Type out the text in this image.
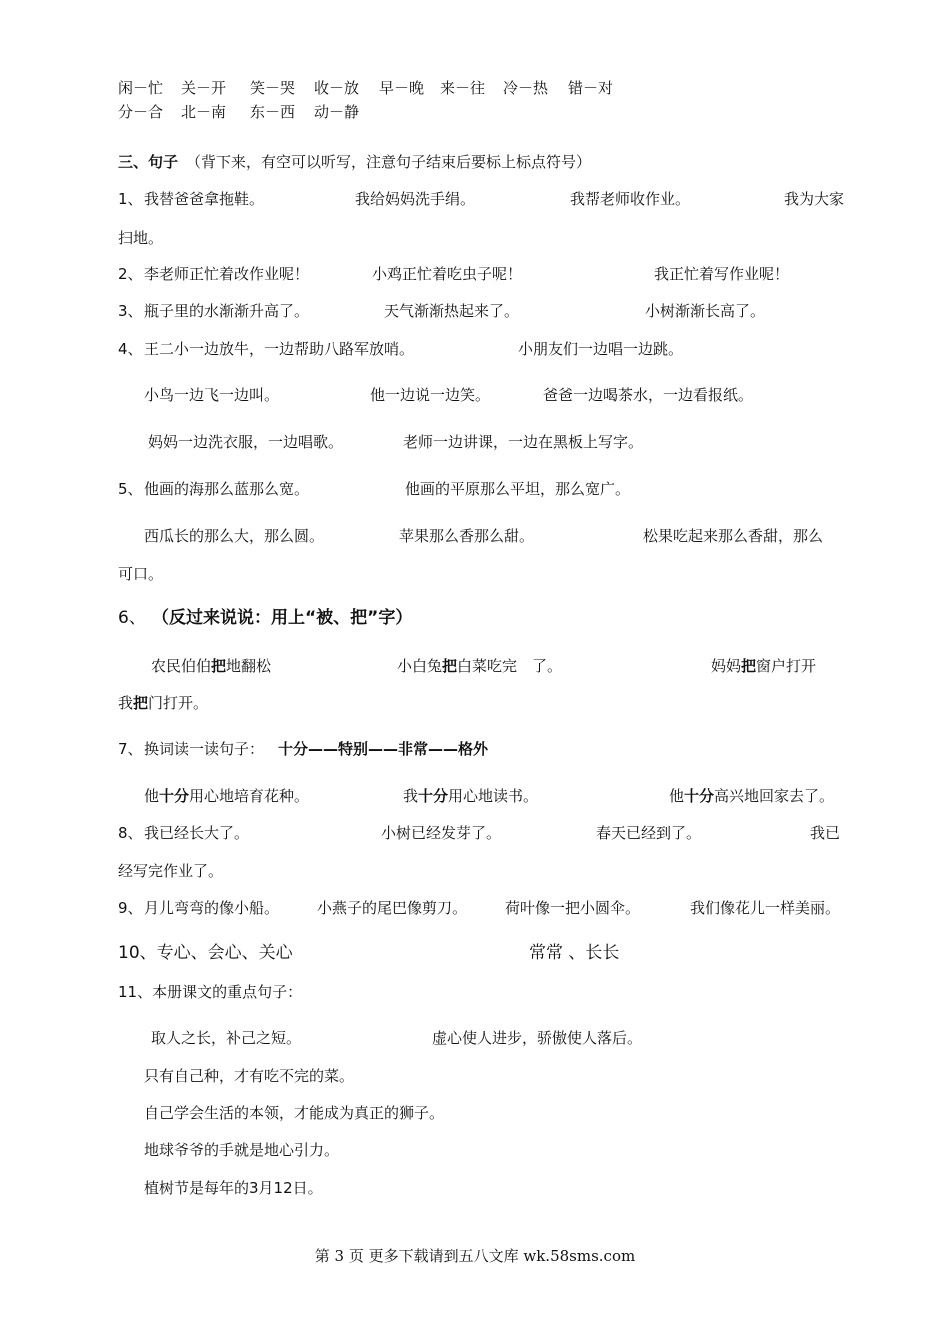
闲－忙 关－开 笑－哭 收－放 早－晚 来－往 冷－热 错－对
分－合 北－南 东－西 动－静
三、句子 （背下来，有空可以听写，注意句子结束后要标上标点符号）
1、 我替爸爸拿拖鞋。	我给妈妈洗手绢。	我帮老师收作业。	我为大家
扫地。
2、 李老师正忙着改作业呢！	小鸡正忙着吃虫子呢！	我正忙着写作业呢！
3、 瓶子里的水渐渐升高了。	天气渐渐热起来了。	小树渐渐长高了。
4、 王二小一边放牛，一边帮助八路军放哨。	小朋友们一边唱一边跳。
小鸟一边飞一边叫。	他一边说一边笑。	爸爸一边喝茶水，一边看报纸。
妈妈一边洗衣服，一边唱歌。	老师一边讲课，一边在黑板上写字。
5、 他画的海那么蓝那么宽。	他画的平原那么平坦，那么宽广。
西瓜长的那么大，那么圆。	苹果那么香那么甜。	松果吃起来那么香甜，那么
可口。
6、 （反过来说说：用上“被、把”字）
农民伯伯把地翻松	小白兔把白菜吃完　了。	妈妈把窗户打开
我把门打开。
7、 换词读一读句子： 十分——特别——非常——格外
他十分用心地培育花种。	我十分用心地读书。	他十分高兴地回家去了。
8、 我已经长大了。	小树已经发芽了。	春天已经到了。	我已
经写完作业了。
9、 月儿弯弯的像小船。	小燕子的尾巴像剪刀。	荷叶像一把小圆伞。	我们像花儿一样美丽。
10、专心、会心、关心	常常 、长长
11、本册课文的重点句子：
取人之长，补己之短。	虚心使人进步，骄傲使人落后。
只有自己种，才有吃不完的菜。
自己学会生活的本领，才能成为真正的狮子。
地球爷爷的手就是地心引力。
植树节是每年的3月12日。
第 3 页 更多下载请到五八文库 wk.58sms.com
